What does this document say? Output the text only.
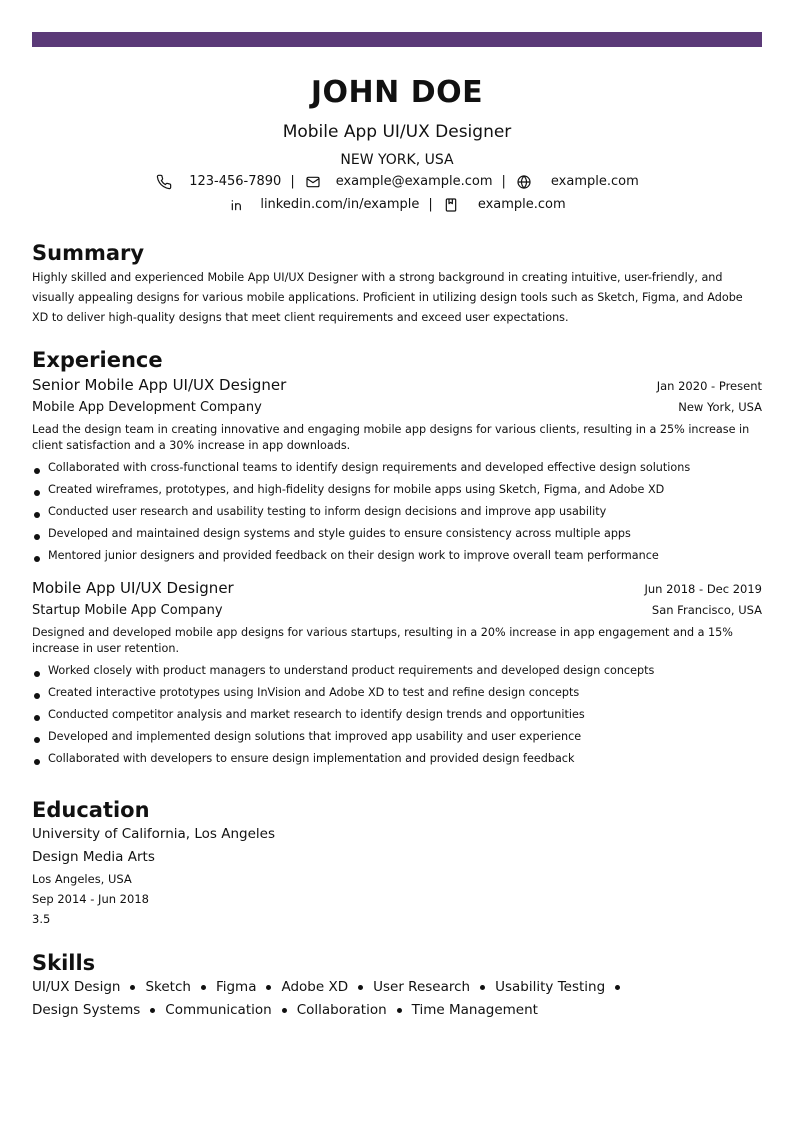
JOHN DOE
Mobile App UI/UX Designer
NEW YORK, USA
123-456-7890 |	example@example.com |	example.com
linkedin.com/in/example |	example.com
Summary

Highly skilled and experienced Mobile App UI/UX Designer with a strong background in creating intuitive, user-friendly, and visually appealing designs for various mobile applications. Proficient in utilizing design tools such as Sketch, Figma, and Adobe XD to deliver high-quality designs that meet client requirements and exceed user expectations.

Experience
Senior Mobile App UI/UX Designer	Jan 2020 - Present
Mobile App Development Company	New York, USA
Lead the design team in creating innovative and engaging mobile app designs for various clients, resulting in a 25% increase in client satisfaction and a 30% increase in app downloads.
Collaborated with cross-functional teams to identify design requirements and developed effective design solutions
Created wireframes, prototypes, and high-fidelity designs for mobile apps using Sketch, Figma, and Adobe XD
Conducted user research and usability testing to inform design decisions and improve app usability
Developed and maintained design systems and style guides to ensure consistency across multiple apps
Mentored junior designers and provided feedback on their design work to improve overall team performance
Mobile App UI/UX Designer	Jun 2018 - Dec 2019
Startup Mobile App Company	San Francisco, USA
Designed and developed mobile app designs for various startups, resulting in a 20% increase in app engagement and a 15% increase in user retention.
Worked closely with product managers to understand product requirements and developed design concepts
Created interactive prototypes using InVision and Adobe XD to test and refine design concepts
Conducted competitor analysis and market research to identify design trends and opportunities
Developed and implemented design solutions that improved app usability and user experience
Collaborated with developers to ensure design implementation and provided design feedback
Education
University of California, Los Angeles
Design Media Arts
Los Angeles, USA
Sep 2014 - Jun 2018
3.5
Skills
UI/UX Design Sketch Figma Adobe XD User Research Usability Testing
Design Systems Communication Collaboration Time Management
